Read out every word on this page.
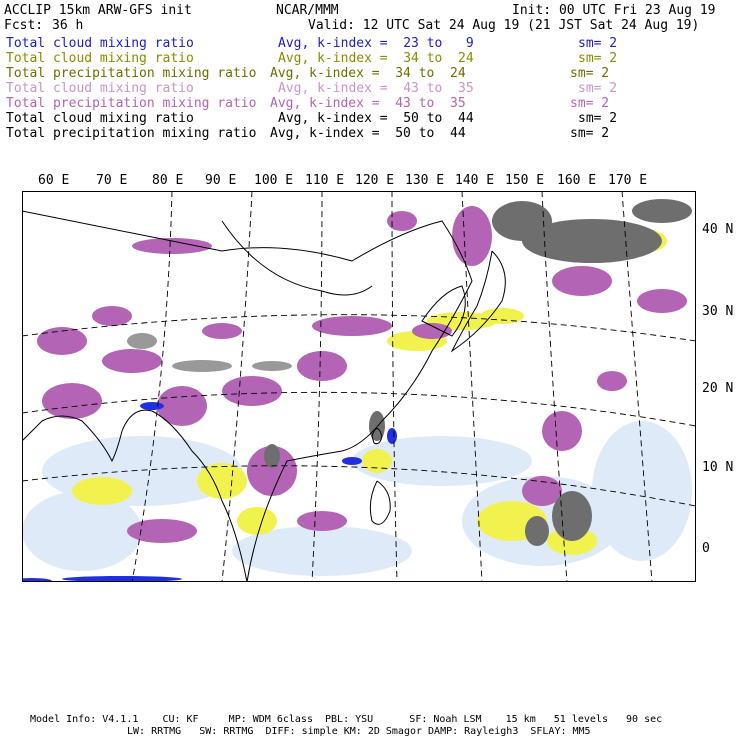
ACCLIP 15km ARW-GFS init	NCAR/MMM	Init: 00 UTC Fri 23 Aug 19
Fcst: 36 h	Valid: 12 UTC Sat 24 Aug 19 (21 JST Sat 24 Aug 19)
Total cloud mixing ratio	Avg, k-index =  23 to   9	sm= 2
Total cloud mixing ratio	Avg, k-index =  34 to  24	sm= 2
Total precipitation mixing ratio Avg, k-index =  34 to  24	sm= 2
Total cloud mixing ratio	Avg, k-index =  43 to  35	sm= 2
Total precipitation mixing ratio Avg, k-index =  43 to  35	sm= 2
Total cloud mixing ratio	Avg, k-index =  50 to  44	sm= 2
Total precipitation mixing ratio Avg, k-index =  50 to  44	sm= 2
60 E 70 E 80 E 90 E 100 E 110 E 120 E 130 E 140 E 150 E 160 E 170 E
40 N
30 N
20 N
10 N
0
Model Info: V4.1.1    CU: KF     MP: WDM 6class  PBL: YSU      SF: Noah LSM    15 km   51 levels   90 sec
LW: RRTMG   SW: RRTMG  DIFF: simple KM: 2D Smagor DAMP: Rayleigh3  SFLAY: MM5
